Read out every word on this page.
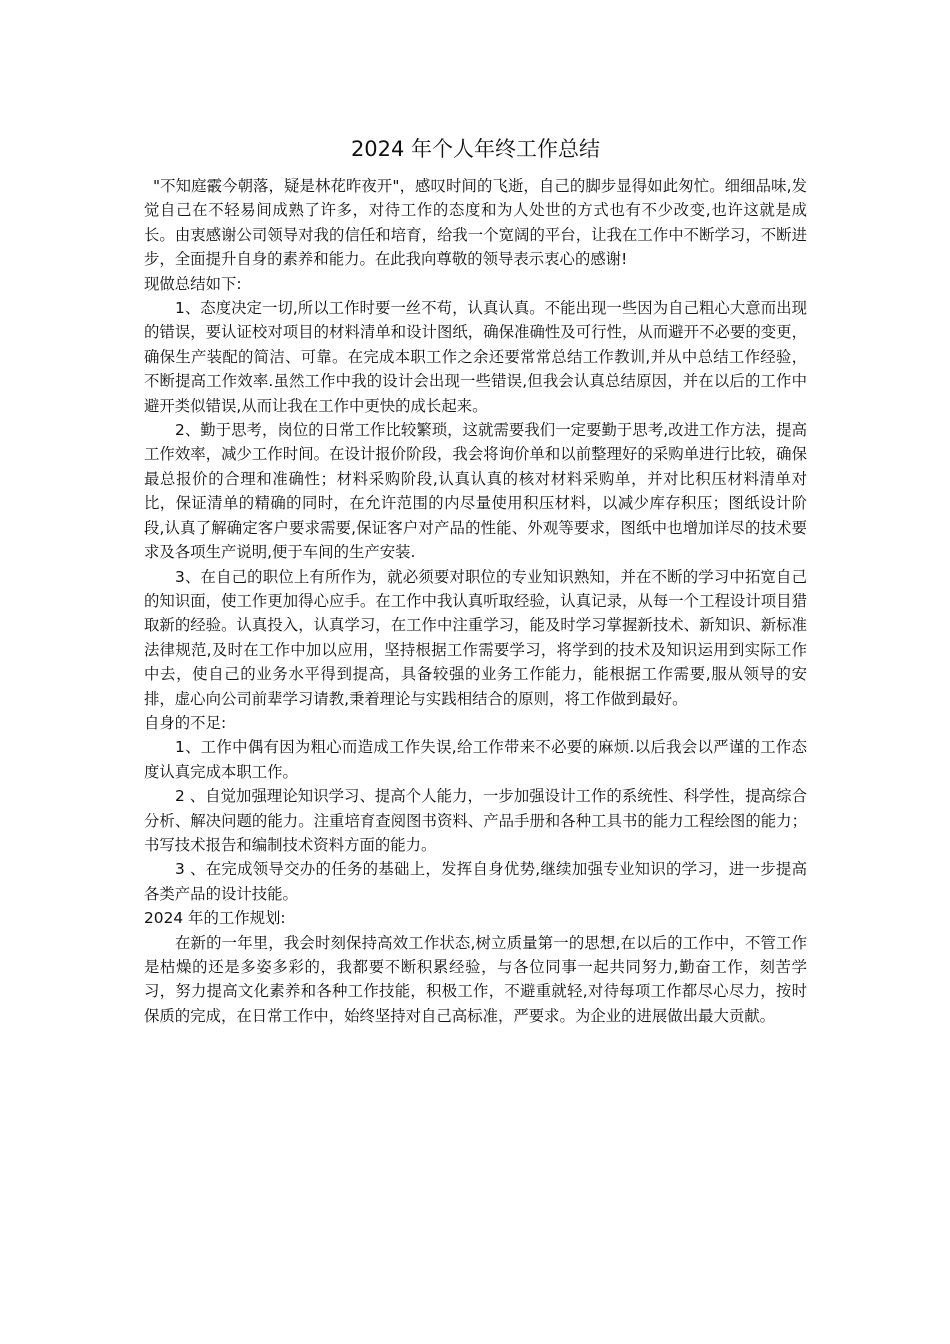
2024 年个人年终工作总结

"不知庭霰今朝落，疑是林花昨夜开"，感叹时间的飞逝，自己的脚步显得如此匆忙。细细品味,发觉自己在不轻易间成熟了许多，对待工作的态度和为人处世的方式也有不少改变,也许这就是成长。由衷感谢公司领导对我的信任和培育，给我一个宽阔的平台，让我在工作中不断学习，不断进步，全面提升自身的素养和能力。在此我向尊敬的领导表示衷心的感谢!

现做总结如下:

1、态度决定一切,所以工作时要一丝不苟，认真认真。不能出现一些因为自己粗心大意而出现的错误，要认证校对项目的材料清单和设计图纸，确保准确性及可行性，从而避开不必要的变更，确保生产装配的简洁、可靠。在完成本职工作之余还要常常总结工作教训,并从中总结工作经验，不断提高工作效率.虽然工作中我的设计会出现一些错误,但我会认真总结原因，并在以后的工作中避开类似错误,从而让我在工作中更快的成长起来。

2、勤于思考，岗位的日常工作比较繁琐，这就需要我们一定要勤于思考,改进工作方法，提高工作效率，减少工作时间。在设计报价阶段，我会将询价单和以前整理好的采购单进行比较，确保最总报价的合理和准确性；材料采购阶段,认真认真的核对材料采购单，并对比积压材料清单对比，保证清单的精确的同时，在允许范围的内尽量使用积压材料，以减少库存积压；图纸设计阶段,认真了解确定客户要求需要,保证客户对产品的性能、外观等要求，图纸中也增加详尽的技术要求及各项生产说明,便于车间的生产安装.

3、在自己的职位上有所作为，就必须要对职位的专业知识熟知，并在不断的学习中拓宽自己的知识面，使工作更加得心应手。在工作中我认真听取经验，认真记录，从每一个工程设计项目猎取新的经验。认真投入，认真学习，在工作中注重学习，能及时学习掌握新技术、新知识、新标准法律规范,及时在工作中加以应用，坚持根据工作需要学习，将学到的技术及知识运用到实际工作中去，使自己的业务水平得到提高，具备较强的业务工作能力，能根据工作需要,服从领导的安排，虚心向公司前辈学习请教,秉着理论与实践相结合的原则，将工作做到最好。

自身的不足:

1、工作中偶有因为粗心而造成工作失误,给工作带来不必要的麻烦.以后我会以严谨的工作态度认真完成本职工作。

2 、自觉加强理论知识学习、提高个人能力，一步加强设计工作的系统性、科学性，提高综合分析、解决问题的能力。注重培育查阅图书资料、产品手册和各种工具书的能力工程绘图的能力；书写技术报告和编制技术资料方面的能力。

3 、在完成领导交办的任务的基础上，发挥自身优势,继续加强专业知识的学习，进一步提高各类产品的设计技能。

2024 年的工作规划:

在新的一年里，我会时刻保持高效工作状态,树立质量第一的思想,在以后的工作中，不管工作是枯燥的还是多姿多彩的，我都要不断积累经验，与各位同事一起共同努力,勤奋工作，刻苦学习，努力提高文化素养和各种工作技能，积极工作，不避重就轻,对待每项工作都尽心尽力，按时保质的完成，在日常工作中，始终坚持对自己高标准，严要求。为企业的进展做出最大贡献。
